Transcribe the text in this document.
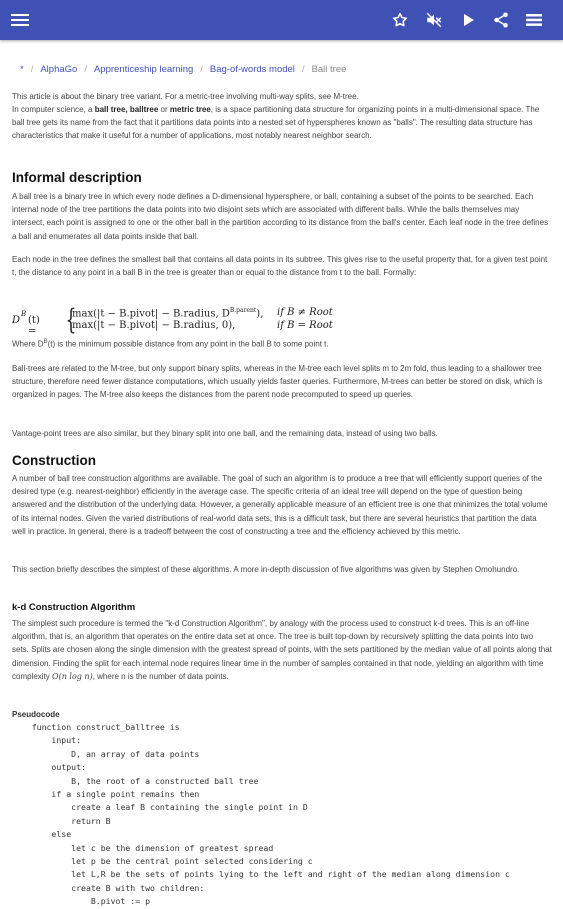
* / AlphaGo / Apprenticeship learning / Bag-of-words model / Ball tree
This article is about the binary tree variant. For a metric-tree involving multi-way splits, see M-tree.
In computer science, a ball tree, balltree or metric tree, is a space partitioning data structure for organizing points in a multi-dimensional space. The ball tree gets its name from the fact that it partitions data points into a nested set of hyperspheres known as "balls". The resulting data structure has characteristics that make it useful for a number of applications, most notably nearest neighbor search.
Informal description
A ball tree is a binary tree in which every node defines a D-dimensional hypersphere, or ball, containing a subset of the points to be searched. Each internal node of the tree partitions the data points into two disjoint sets which are associated with different balls. While the balls themselves may intersect, each point is assigned to one or the other ball in the partition according to its distance from the ball's center. Each leaf node in the tree defines a ball and enumerates all data points inside that ball.
Each node in the tree defines the smallest ball that contains all data points in its subtree. This gives rise to the useful property that, for a given test point t, the distance to any point in a ball B in the tree is greater than or equal to the distance from t to the ball. Formally:
D
B
(t) = {
max(|t − B.pivot| − B.radius, $D^{B.parent}$), if B ≠ Root
max(|t − B.pivot| − B.radius, 0),	if B = Root
Where $D^B(t)$ is the minimum possible distance from any point in the ball B to some point t.
Ball-trees are related to the M-tree, but only support binary splits, whereas in the M-tree each level splits m to 2m fold, thus leading to a shallower tree structure, therefore need fewer distance computations, which usually yields faster queries. Furthermore, M-trees can better be stored on disk, which is organized in pages. The M-tree also keeps the distances from the parent node precomputed to speed up queries.
Vantage-point trees are also similar, but they binary split into one ball, and the remaining data, instead of using two balls.
Construction
A number of ball tree construction algorithms are available. The goal of such an algorithm is to produce a tree that will efficiently support queries of the desired type (e.g. nearest-neighbor) efficiently in the average case. The specific criteria of an ideal tree will depend on the type of question being answered and the distribution of the underlying data. However, a generally applicable measure of an efficient tree is one that minimizes the total volume of its internal nodes. Given the varied distributions of real-world data sets, this is a difficult task, but there are several heuristics that partition the data well in practice. In general, there is a tradeoff between the cost of constructing a tree and the efficiency achieved by this metric.
This section briefly describes the simplest of these algorithms. A more in-depth discussion of five algorithms was given by Stephen Omohundro.
k-d Construction Algorithm
The simplest such procedure is termed the "k-d Construction Algorithm", by analogy with the process used to construct k-d trees. This is an off-line algorithm, that is, an algorithm that operates on the entire data set at once. The tree is built top-down by recursively splitting the data points into two sets. Splits are chosen along the single dimension with the greatest spread of points, with the sets partitioned by the median value of all points along that dimension. Finding the split for each internal node requires linear time in the number of samples contained in that node, yielding an algorithm with time complexity O(n log n), where n is the number of data points.
Pseudocode
function construct_balltree is
input:
D, an array of data points
output:
B, the root of a constructed ball tree
if a single point remains then
create a leaf B containing the single point in D
return B
else
let c be the dimension of greatest spread
let p be the central point selected considering c
let L,R be the sets of points lying to the left and right of the median along dimension c
create B with two children:
B.pivot := p
